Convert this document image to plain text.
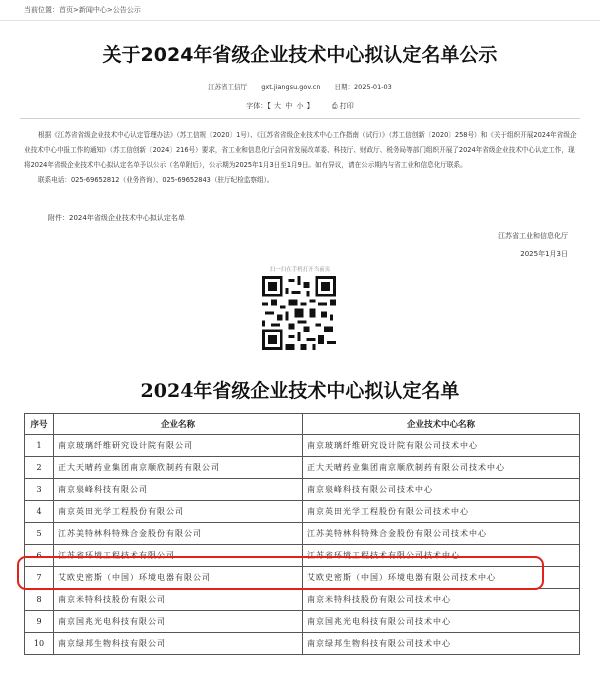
当前位置：首页>新闻中心>公告公示
关于2024年省级企业技术中心拟认定名单公示
江苏省工信厅 gxt.jiangsu.gov.cn 日期：2025-01-03
字体：【 大 中 小 】	⎙ 打印

根据《江苏省省级企业技术中心认定管理办法》（苏工信规〔2020〕1号）、《江苏省省级企业技术中心工作指南（试行）》（苏工信创新〔2020〕258号）和《关于组织开展2024年省级企业技术中心申报工作的通知》（苏工信创新〔2024〕216号）要求，省工业和信息化厅会同省发展改革委、科技厅、财政厅、税务局等部门组织开展了2024年省级企业技术中心认定工作，现将2024年省级企业技术中心拟认定名单予以公示（名单附后），公示期为2025年1月3日至1月9日。如有异议，请在公示期内与省工业和信息化厅联系。

联系电话：025-69652812（业务咨询）、025-69652843（驻厅纪检监察组）。

附件：2024年省级企业技术中心拟认定名单
江苏省工业和信息化厅
2025年1月3日
扫一扫在手机打开当前页
2024年省级企业技术中心拟认定名单
序号	企业名称	企业技术中心名称
1	南京玻璃纤维研究设计院有限公司	南京玻璃纤维研究设计院有限公司技术中心
2	正大天晴药业集团南京顺欣制药有限公司	正大天晴药业集团南京顺欣制药有限公司技术中心
3	南京泉峰科技有限公司	南京泉峰科技有限公司技术中心
4	南京英田光学工程股份有限公司	南京英田光学工程股份有限公司技术中心
5	江苏美特林科特殊合金股份有限公司	江苏美特林科特殊合金股份有限公司技术中心
6	江苏省环境工程技术有限公司	江苏省环境工程技术有限公司技术中心
7	艾欧史密斯（中国）环境电器有限公司	艾欧史密斯（中国）环境电器有限公司技术中心
8	南京米特科技股份有限公司	南京米特科技股份有限公司技术中心
9	南京国兆光电科技有限公司	南京国兆光电科技有限公司技术中心
10	南京绿邦生物科技有限公司	南京绿邦生物科技有限公司技术中心
